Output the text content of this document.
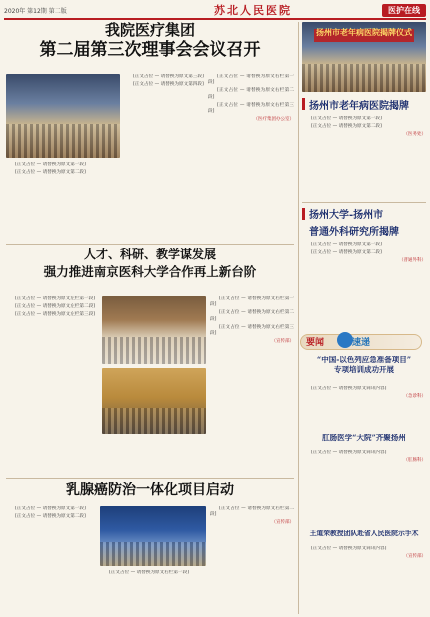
2020年 第12期 第二版	苏北人民医院	医护在线
我院医疗集团
第二届第三次理事会会议召开

[正文占位 — 请替换为原文第一段]

[正文占位 — 请替换为原文第二段]

[正文占位 — 请替换为原文第三段]

[正文占位 — 请替换为原文第四段]

[正文占位 — 请替换为原文右栏第一段]

[正文占位 — 请替换为原文右栏第二段]

[正文占位 — 请替换为原文右栏第三段]

（医疗集团办公室）
人才、科研、教学谋发展
强力推进南京医科大学合作再上新台阶

[正文占位 — 请替换为原文左栏第一段]

[正文占位 — 请替换为原文左栏第二段]

[正文占位 — 请替换为原文左栏第三段]

[正文占位 — 请替换为原文右栏第一段]

[正文占位 — 请替换为原文右栏第二段]

[正文占位 — 请替换为原文右栏第三段]

（宣传部）
乳腺癌防治一体化项目启动

[正文占位 — 请替换为原文第一段]

[正文占位 — 请替换为原文第二段]

[正文占位 — 请替换为原文右栏第一段]

[正文占位 — 请替换为原文右栏第二段]

（宣传部）
扬州市老年病医院揭牌仪式
扬州市老年病医院揭牌

[正文占位 — 请替换为原文第一段]

[正文占位 — 请替换为原文第二段]

（医务处）
扬州大学-扬州市
普通外科研究所揭牌

[正文占位 — 请替换为原文第一段]

[正文占位 — 请替换为原文第二段]

（普通外科）
要闻	速递
“中国-以色列应急准备项目”
专项培训成功开展

[正文占位 — 请替换为原文简讯内容]

（急诊科）
肛肠医学“大院”齐聚扬州

[正文占位 — 请替换为原文简讯内容]

（肛肠科）
王道荣教授团队赴省人民医院示手术

[正文占位 — 请替换为原文简讯内容]

（宣传部）
